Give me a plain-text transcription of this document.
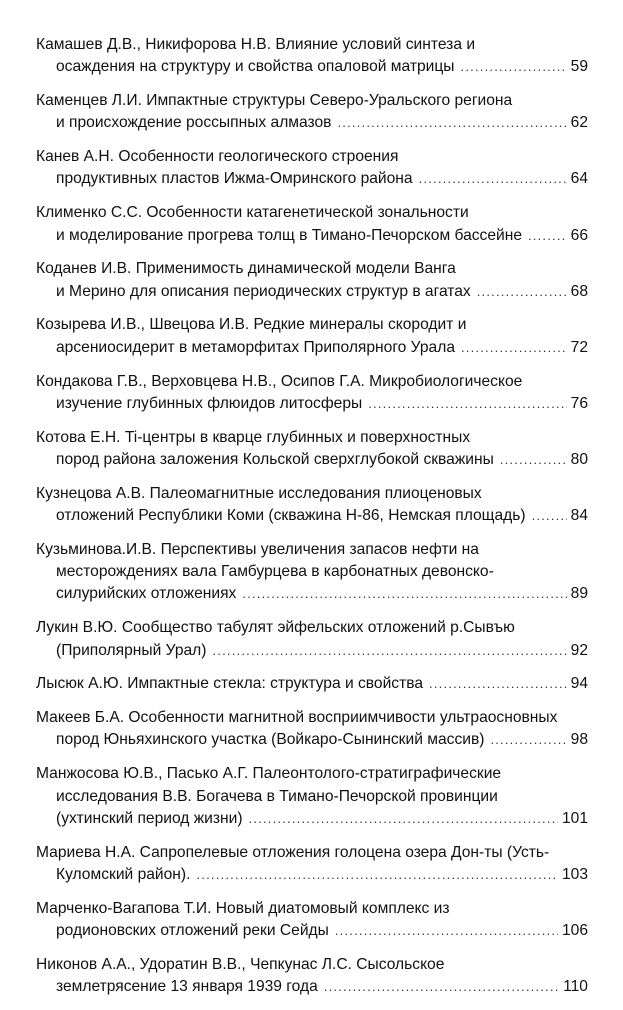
Камашев Д.В., Никифорова Н.В. Влияние условий синтеза и
осаждения на структуру и свойства опаловой матрицы .....	59
Каменцев Л.И. Импактные структуры Северо-Уральского региона
и происхождение россыпных алмазов .....	62
Канев А.Н. Особенности геологического строения
продуктивных пластов Ижма-Омринского района .....	64
Клименко С.С. Особенности катагенетической зональности
и моделирование прогрева толщ в Тимано-Печорском бассейне .....	66
Коданев И.В. Применимость динамической модели Ванга
и Мерино для описания периодических структур в агатах .....	68
Козырева И.В., Швецова И.В. Редкие минералы скородит и
арсениосидерит в метаморфитах Приполярного Урала .....	72
Кондакова Г.В., Верховцева Н.В., Осипов Г.А. Микробиологическое
изучение глубинных флюидов литосферы .....	76
Котова Е.Н. Ti-центры в кварце глубинных и поверхностных
пород района заложения Кольской сверхглубокой скважины .....	80
Кузнецова А.В. Палеомагнитные исследования плиоценовых
отложений Республики Коми (скважина Н-86, Немская площадь) .....	84
Кузьминова.И.В. Перспективы увеличения запасов нефти на
месторождениях вала Гамбурцева в карбонатных девонско-
силурийских отложениях .....	89
Лукин В.Ю. Сообщество табулят эйфельских отложений р.Сывъю
(Приполярный Урал) .....	92
Лысюк А.Ю. Импактные стекла: структура и свойства .....	94
Макеев Б.А. Особенности магнитной восприимчивости ультраосновных
пород Юньяхинского участка (Войкаро-Сынинский массив) .....	98
Манжосова Ю.В., Пасько А.Г. Палеонтолого-стратиграфические
исследования В.В. Богачева в Тимано-Печорской провинции
(ухтинский период жизни) .....	101
Мариева Н.А. Сапропелевые отложения голоцена озера Дон-ты (Усть-
Куломский район). .....	103
Марченко-Вагапова Т.И. Новый диатомовый комплекс из
родионовских отложений реки Сейды .....	106
Никонов А.А., Удоратин В.В., Чепкунас Л.С. Сысольское
землетрясение 13 января 1939 года .....	110
